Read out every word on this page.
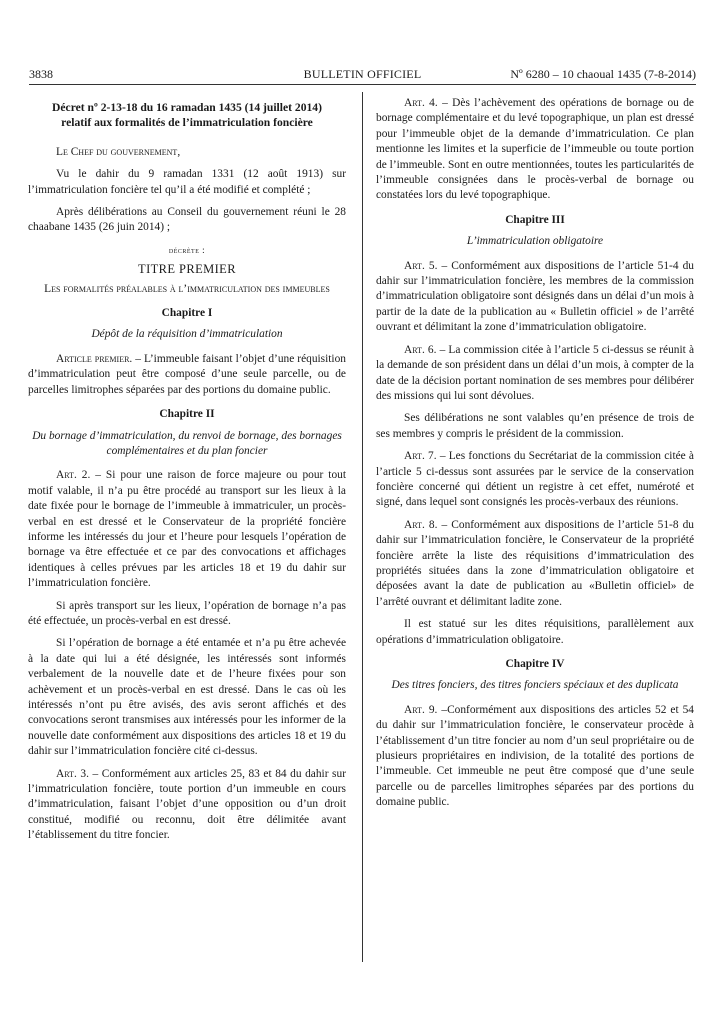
3838	BULLETIN OFFICIEL	Nº 6280 – 10 chaoual 1435 (7-8-2014)

Décret nº 2-13-18 du 16 ramadan 1435 (14 juillet 2014) relatif aux formalités de l’immatriculation foncière

Le Chef du gouvernement,

Vu le dahir du 9 ramadan 1331 (12 août 1913) sur l’immatriculation foncière tel qu’il a été modifié et complété ;

Après délibérations au Conseil du gouvernement réuni le 28 chaabane 1435 (26 juin 2014) ;

décrète :

TITRE PREMIER

Les formalités préalables à l’immatriculation des immeubles

Chapitre I

Dépôt de la réquisition d’immatriculation

Article premier. – L’immeuble faisant l’objet d’une réquisition d’immatriculation peut être composé d’une seule parcelle, ou de parcelles limitrophes séparées par des portions du domaine public.

Chapitre II

Du bornage d’immatriculation, du renvoi de bornage, des bornages complémentaires et du plan foncier

Art. 2. – Si pour une raison de force majeure ou pour tout motif valable, il n’a pu être procédé au transport sur les lieux à la date fixée pour le bornage de l’immeuble à immatriculer, un procès-verbal en est dressé et le Conservateur de la propriété foncière informe les intéressés du jour et l’heure pour lesquels l’opération de bornage va être effectuée et ce par des convocations et affichages identiques à celles prévues par les articles 18 et 19 du dahir sur l’immatriculation foncière.

Si après transport sur les lieux, l’opération de bornage n’a pas été effectuée, un procès-verbal en est dressé.

Si l’opération de bornage a été entamée et n’a pu être achevée à la date qui lui a été désignée, les intéressés sont informés verbalement de la nouvelle date et de l’heure fixées pour son achèvement et un procès-verbal en est dressé. Dans le cas où les intéressés n’ont pu être avisés, des avis seront affichés et des convocations seront transmises aux intéressés pour les informer de la nouvelle date conformément aux dispositions des articles 18 et 19 du dahir sur l’immatriculation foncière cité ci-dessus.

Art. 3. – Conformément aux articles 25, 83 et 84 du dahir sur l’immatriculation foncière, toute portion d’un immeuble en cours d’immatriculation, faisant l’objet d’une opposition ou d’un droit constitué, modifié ou reconnu, doit être délimitée avant l’établissement du titre foncier.

Art. 4. – Dès l’achèvement des opérations de bornage ou de bornage complémentaire et du levé topographique, un plan est dressé pour l’immeuble objet de la demande d’immatriculation. Ce plan mentionne les limites et la superficie de l’immeuble ou toute portion de l’immeuble. Sont en outre mentionnées, toutes les particularités de l’immeuble consignées dans le procès-verbal de bornage ou constatées lors du levé topographique.

Chapitre III

L’immatriculation obligatoire

Art. 5. – Conformément aux dispositions de l’article 51-4 du dahir sur l’immatriculation foncière, les membres de la commission d’immatriculation obligatoire sont désignés dans un délai d’un mois à partir de la date de la publication au « Bulletin officiel » de l’arrêté ouvrant et délimitant la zone d’immatriculation obligatoire.

Art. 6. – La commission citée à l’article 5 ci-dessus se réunit à la demande de son président dans un délai d’un mois, à compter de la date de la décision portant nomination de ses membres pour délibérer des missions qui lui sont dévolues.

Ses délibérations ne sont valables qu’en présence de trois de ses membres y compris le président de la commission.

Art. 7. – Les fonctions du Secrétariat de la commission citée à l’article 5 ci-dessus sont assurées par le service de la conservation foncière concerné qui détient un registre à cet effet, numéroté et signé, dans lequel sont consignés les procès-verbaux des réunions.

Art. 8. – Conformément aux dispositions de l’article 51-8 du dahir sur l’immatriculation foncière, le Conservateur de la propriété foncière arrête la liste des réquisitions d’immatriculation des propriétés situées dans la zone d’immatriculation obligatoire et déposées avant la date de publication au «Bulletin officiel» de l’arrêté ouvrant et délimitant ladite zone.

Il est statué sur les dites réquisitions, parallèlement aux opérations d’immatriculation obligatoire.

Chapitre IV

Des titres fonciers, des titres fonciers spéciaux et des duplicata

Art. 9. –Conformément aux dispositions des articles 52 et 54 du dahir sur l’immatriculation foncière, le conservateur procède à l’établissement d’un titre foncier au nom d’un seul propriétaire ou de plusieurs propriétaires en indivision, de la totalité des portions de l’immeuble. Cet immeuble ne peut être composé que d’une seule parcelle ou de parcelles limitrophes séparées par des portions du domaine public.
